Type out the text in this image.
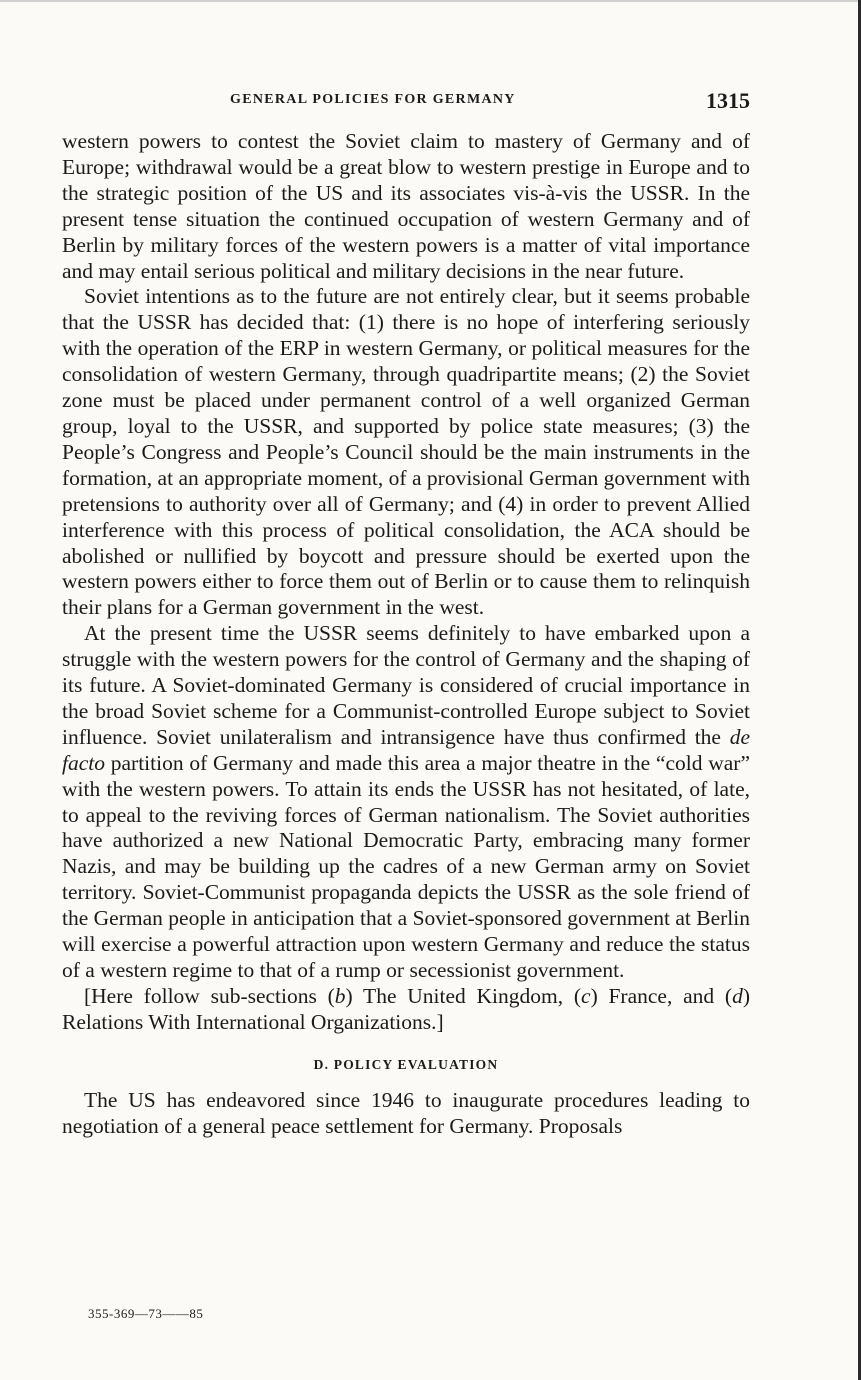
GENERAL POLICIES FOR GERMANY	1315

western powers to contest the Soviet claim to mastery of Germany and of Europe; withdrawal would be a great blow to western prestige in Europe and to the strategic position of the US and its associates vis-à-vis the USSR. In the present tense situation the continued occupation of western Germany and of Berlin by military forces of the western powers is a matter of vital importance and may entail serious political and military decisions in the near future.

Soviet intentions as to the future are not entirely clear, but it seems probable that the USSR has decided that: (1) there is no hope of interfering seriously with the operation of the ERP in western Germany, or political measures for the consolidation of western Germany, through quadripartite means; (2) the Soviet zone must be placed under permanent control of a well organized German group, loyal to the USSR, and supported by police state measures; (3) the People’s Congress and People’s Council should be the main instruments in the formation, at an appropriate moment, of a provisional German government with pretensions to authority over all of Germany; and (4) in order to prevent Allied interference with this process of political consolidation, the ACA should be abolished or nullified by boycott and pressure should be exerted upon the western powers either to force them out of Berlin or to cause them to relinquish their plans for a German government in the west.

At the present time the USSR seems definitely to have embarked upon a struggle with the western powers for the control of Germany and the shaping of its future. A Soviet-dominated Germany is considered of crucial importance in the broad Soviet scheme for a Communist-controlled Europe subject to Soviet influence. Soviet unilateralism and intransigence have thus confirmed the de facto partition of Germany and made this area a major theatre in the “cold war” with the western powers. To attain its ends the USSR has not hesitated, of late, to appeal to the reviving forces of German nationalism. The Soviet authorities have authorized a new National Democratic Party, embracing many former Nazis, and may be building up the cadres of a new German army on Soviet territory. Soviet-Communist propaganda depicts the USSR as the sole friend of the German people in anticipation that a Soviet-sponsored government at Berlin will exercise a powerful attraction upon western Germany and reduce the status of a western regime to that of a rump or secessionist government.

[Here follow sub-sections (b) The United Kingdom, (c) France, and (d) Relations With International Organizations.]

D. POLICY EVALUATION

The US has endeavored since 1946 to inaugurate procedures leading to negotiation of a general peace settlement for Germany. Proposals

355-369—73——85
